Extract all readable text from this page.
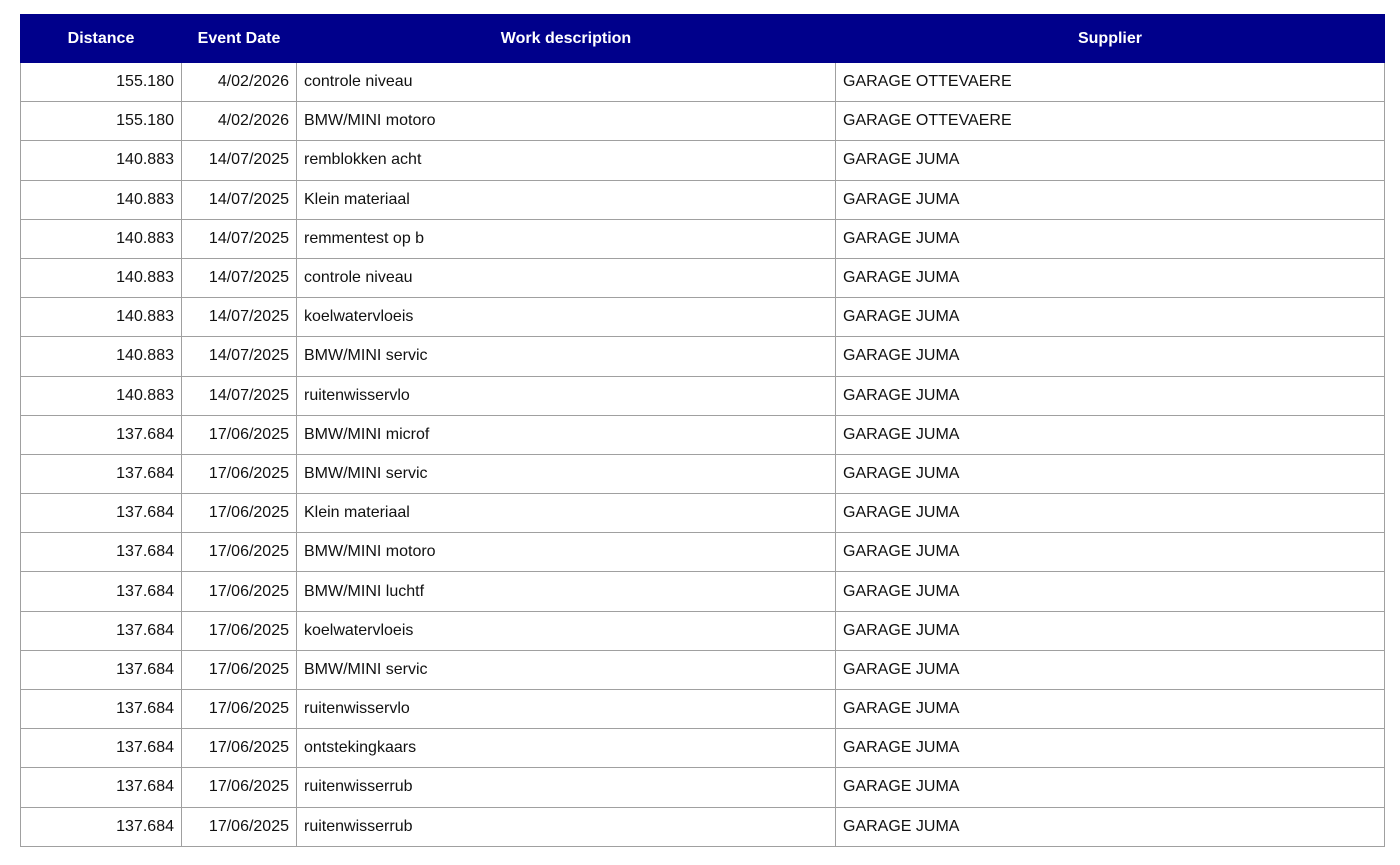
Distance	Event Date	Work description	Supplier
155.180	4/02/2026	controle niveau	GARAGE OTTEVAERE
155.180	4/02/2026	BMW/MINI motoro	GARAGE OTTEVAERE
140.883	14/07/2025	remblokken acht	GARAGE JUMA
140.883	14/07/2025	Klein materiaal	GARAGE JUMA
140.883	14/07/2025	remmentest op b	GARAGE JUMA
140.883	14/07/2025	controle niveau	GARAGE JUMA
140.883	14/07/2025	koelwatervloeis	GARAGE JUMA
140.883	14/07/2025	BMW/MINI servic	GARAGE JUMA
140.883	14/07/2025	ruitenwisservlo	GARAGE JUMA
137.684	17/06/2025	BMW/MINI microf	GARAGE JUMA
137.684	17/06/2025	BMW/MINI servic	GARAGE JUMA
137.684	17/06/2025	Klein materiaal	GARAGE JUMA
137.684	17/06/2025	BMW/MINI motoro	GARAGE JUMA
137.684	17/06/2025	BMW/MINI luchtf	GARAGE JUMA
137.684	17/06/2025	koelwatervloeis	GARAGE JUMA
137.684	17/06/2025	BMW/MINI servic	GARAGE JUMA
137.684	17/06/2025	ruitenwisservlo	GARAGE JUMA
137.684	17/06/2025	ontstekingkaars	GARAGE JUMA
137.684	17/06/2025	ruitenwisserrub	GARAGE JUMA
137.684	17/06/2025	ruitenwisserrub	GARAGE JUMA
